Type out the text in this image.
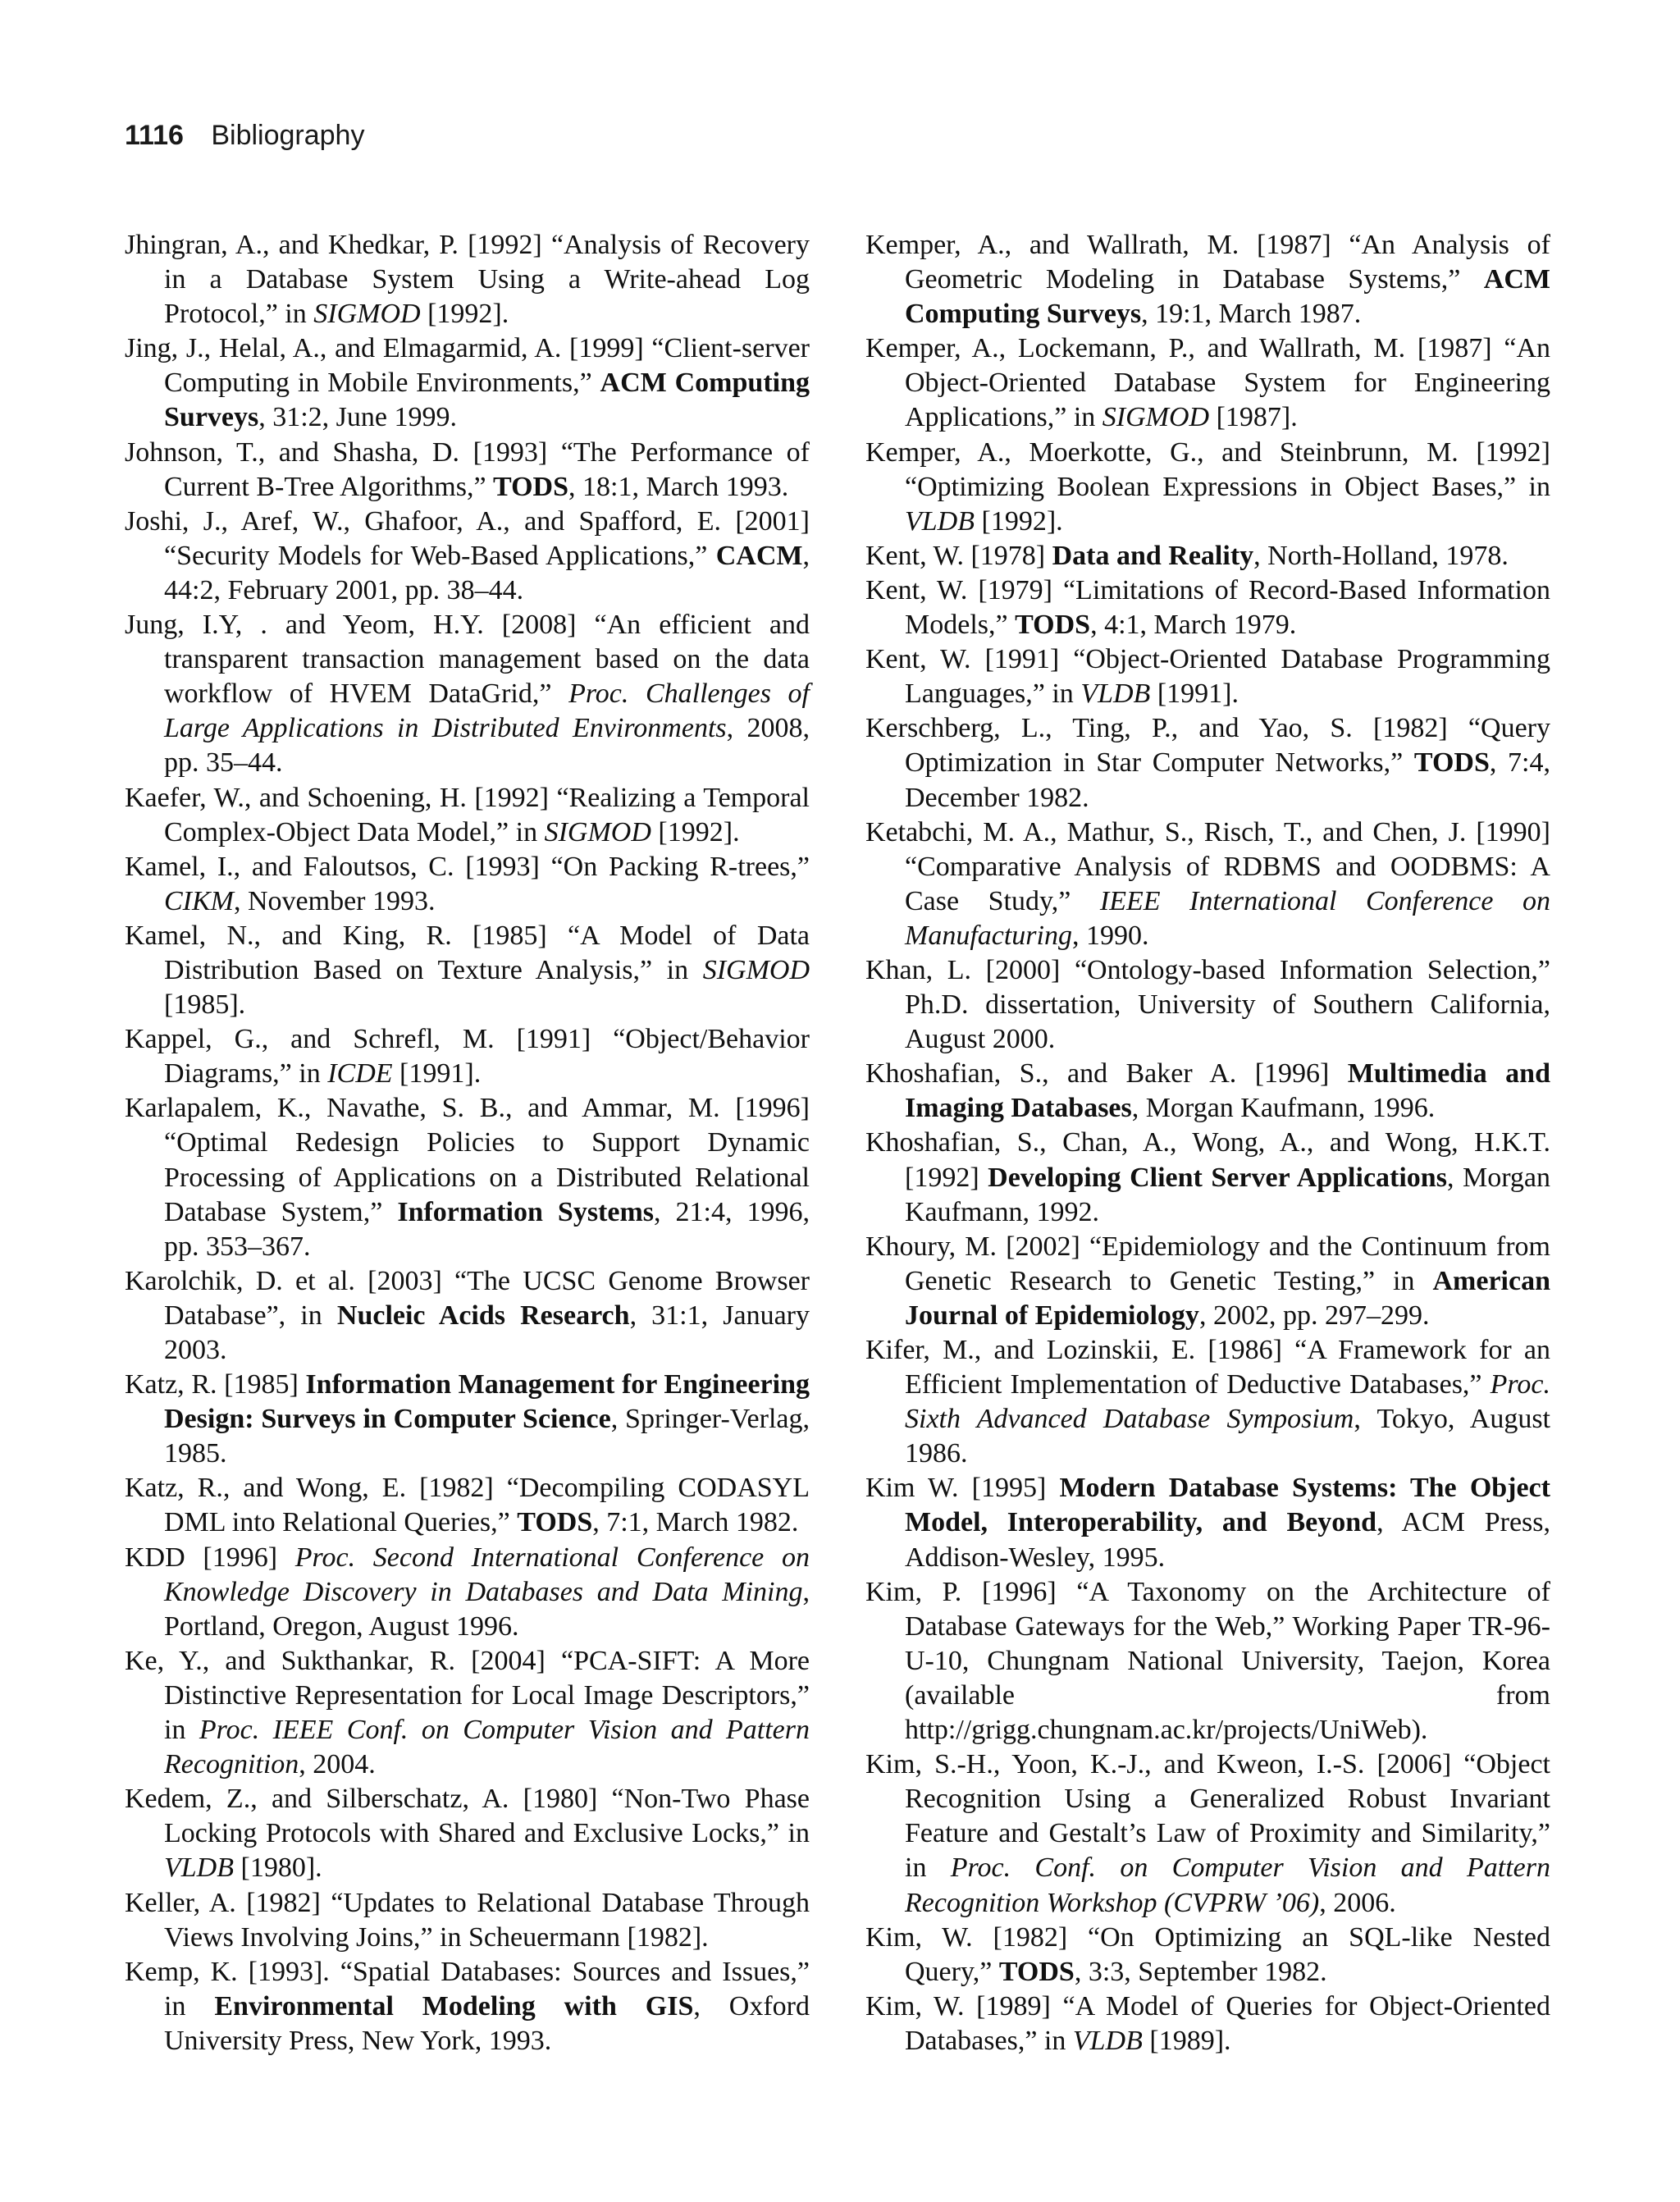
1116 Bibliography

Jhingran, A., and Khedkar, P. [1992] “Analysis of Recovery in a Database System Using a Write-ahead Log Protocol,” in SIGMOD [1992].

Jing, J., Helal, A., and Elmagarmid, A. [1999] “Client-server Computing in Mobile Environments,” ACM Computing Surveys, 31:2, June 1999.

Johnson, T., and Shasha, D. [1993] “The Performance of Current B-Tree Algorithms,” TODS, 18:1, March 1993.

Joshi, J., Aref, W., Ghafoor, A., and Spafford, E. [2001] “Security Models for Web-Based Applications,” CACM, 44:2, February 2001, pp. 38–44.

Jung, I.Y, . and Yeom, H.Y. [2008] “An efficient and transparent transaction management based on the data workflow of HVEM DataGrid,” Proc. Challenges of Large Applications in Distributed Environments, 2008, pp. 35–44.

Kaefer, W., and Schoening, H. [1992] “Realizing a Temporal Complex-Object Data Model,” in SIGMOD [1992].

Kamel, I., and Faloutsos, C. [1993] “On Packing R-trees,” CIKM, November 1993.

Kamel, N., and King, R. [1985] “A Model of Data Distribution Based on Texture Analysis,” in SIGMOD [1985].

Kappel, G., and Schrefl, M. [1991] “Object/Behavior Diagrams,” in ICDE [1991].

Karlapalem, K., Navathe, S. B., and Ammar, M. [1996] “Optimal Redesign Policies to Support Dynamic Processing of Applications on a Distributed Relational Database System,” Information Systems, 21:4, 1996, pp. 353–367.

Karolchik, D. et al. [2003] “The UCSC Genome Browser Database”, in Nucleic Acids Research, 31:1, January 2003.

Katz, R. [1985] Information Management for Engineering Design: Surveys in Computer Science, Springer-Verlag, 1985.

Katz, R., and Wong, E. [1982] “Decompiling CODASYL DML into Relational Queries,” TODS, 7:1, March 1982.

KDD [1996] Proc. Second International Conference on Knowledge Discovery in Databases and Data Mining, Portland, Oregon, August 1996.

Ke, Y., and Sukthankar, R. [2004] “PCA-SIFT: A More Distinctive Representation for Local Image Descriptors,” in Proc. IEEE Conf. on Computer Vision and Pattern Recognition, 2004.

Kedem, Z., and Silberschatz, A. [1980] “Non-Two Phase Locking Protocols with Shared and Exclusive Locks,” in VLDB [1980].

Keller, A. [1982] “Updates to Relational Database Through Views Involving Joins,” in Scheuermann [1982].

Kemp, K. [1993]. “Spatial Databases: Sources and Issues,” in Environmental Modeling with GIS, Oxford University Press, New York, 1993.

Kemper, A., and Wallrath, M. [1987] “An Analysis of Geometric Modeling in Database Systems,” ACM Computing Surveys, 19:1, March 1987.

Kemper, A., Lockemann, P., and Wallrath, M. [1987] “An Object-Oriented Database System for Engineering Applications,” in SIGMOD [1987].

Kemper, A., Moerkotte, G., and Steinbrunn, M. [1992] “Optimizing Boolean Expressions in Object Bases,” in VLDB [1992].

Kent, W. [1978] Data and Reality, North-Holland, 1978.

Kent, W. [1979] “Limitations of Record-Based Information Models,” TODS, 4:1, March 1979.

Kent, W. [1991] “Object-Oriented Database Programming Languages,” in VLDB [1991].

Kerschberg, L., Ting, P., and Yao, S. [1982] “Query Optimization in Star Computer Networks,” TODS, 7:4, December 1982.

Ketabchi, M. A., Mathur, S., Risch, T., and Chen, J. [1990] “Comparative Analysis of RDBMS and OODBMS: A Case Study,” IEEE International Conference on Manufacturing, 1990.

Khan, L. [2000] “Ontology-based Information Selection,” Ph.D. dissertation, University of Southern California, August 2000.

Khoshafian, S., and Baker A. [1996] Multimedia and Imaging Databases, Morgan Kaufmann, 1996.

Khoshafian, S., Chan, A., Wong, A., and Wong, H.K.T. [1992] Developing Client Server Applications, Morgan Kaufmann, 1992.

Khoury, M. [2002] “Epidemiology and the Continuum from Genetic Research to Genetic Testing,” in American Journal of Epidemiology, 2002, pp. 297–299.

Kifer, M., and Lozinskii, E. [1986] “A Framework for an Efficient Implementation of Deductive Databases,” Proc. Sixth Advanced Database Symposium, Tokyo, August 1986.

Kim W. [1995] Modern Database Systems: The Object Model, Interoperability, and Beyond, ACM Press, Addison-Wesley, 1995.

Kim, P. [1996] “A Taxonomy on the Architecture of Database Gateways for the Web,” Working Paper TR-96-U-10, Chungnam National University, Taejon, Korea (available from http://grigg.chungnam.ac.kr/projects/UniWeb).

Kim, S.-H., Yoon, K.-J., and Kweon, I.-S. [2006] “Object Recognition Using a Generalized Robust Invariant Feature and Gestalt’s Law of Proximity and Similarity,” in Proc. Conf. on Computer Vision and Pattern Recognition Workshop (CVPRW ’06), 2006.

Kim, W. [1982] “On Optimizing an SQL-like Nested Query,” TODS, 3:3, September 1982.

Kim, W. [1989] “A Model of Queries for Object-Oriented Databases,” in VLDB [1989].
